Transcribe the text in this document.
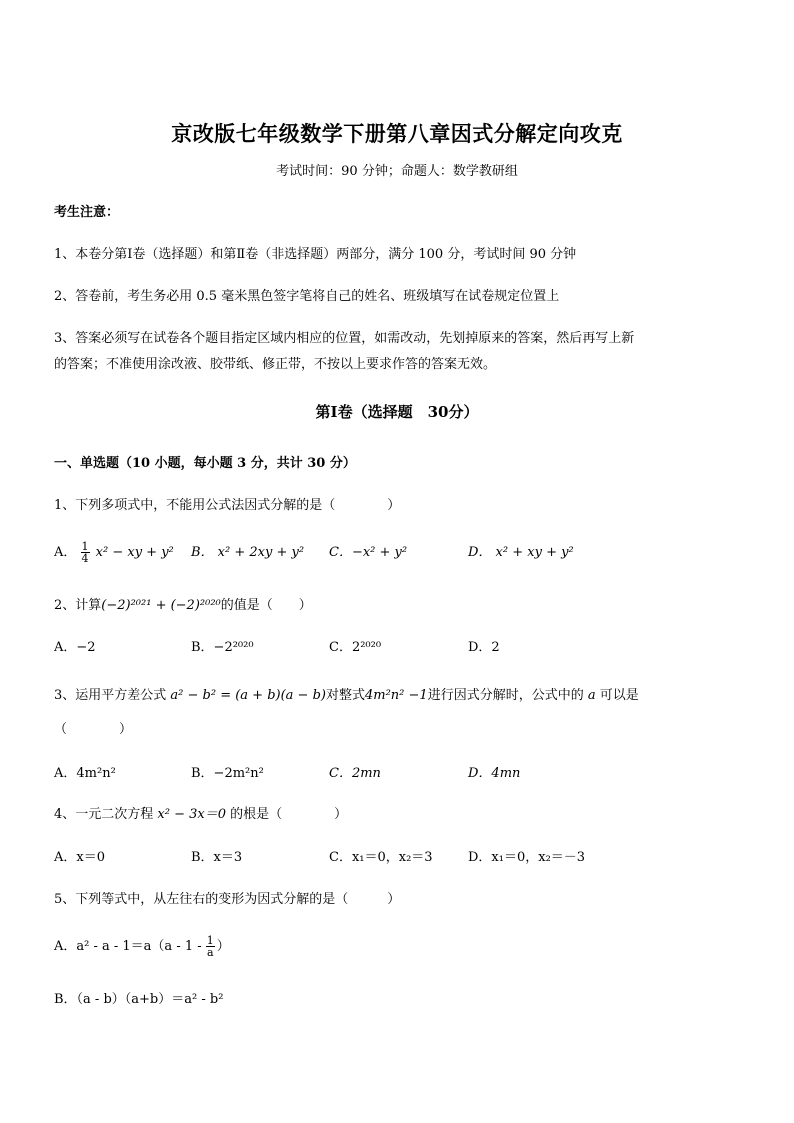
京改版七年级数学下册第八章因式分解定向攻克
考试时间：90 分钟；命题人：数学教研组
考生注意：
1、本卷分第Ⅰ卷（选择题）和第Ⅱ卷（非选择题）两部分，满分 100 分，考试时间 90 分钟
2、答卷前，考生务必用 0.5 毫米黑色签字笔将自己的姓名、班级填写在试卷规定位置上
3、答案必须写在试卷各个题目指定区域内相应的位置，如需改动，先划掉原来的答案，然后再写上新
的答案；不准使用涂改液、胶带纸、修正带，不按以上要求作答的答案无效。
第Ⅰ卷（选择题　30分）
一、单选题（10 小题，每小题 3 分，共计 30 分）
1、下列多项式中，不能用公式法因式分解的是（　　　　）
A． $\frac{1}{4} x^2$ − xy + y² B． x² + 2xy + y² C．−x² + y²	D． x² + xy + y²
2、计算(−2)²⁰²¹ + (−2)²⁰²⁰的值是（　　）
A．−2	B．−2²⁰²⁰	C．2²⁰²⁰	D．2
3、运用平方差公式 a² − b² = (a + b)(a − b)对整式4m²n² −1进行因式分解时，公式中的 a 可以是
（　　　　）
A．4m²n²	B．−2m²n²	C．2mn	D．4mn
4、一元二次方程 x² − 3x＝0 的根是（　　　　）
A．x＝0	B．x＝3	C．x₁＝0，x₂＝3	D．x₁＝0，x₂＝－3
5、下列等式中，从左往右的变形为因式分解的是（　　　）
A．$a^2 - a - 1=a(a - 1 - \frac{1}{a}$ ）
B．（a - b）（a+b）＝a² - b²
